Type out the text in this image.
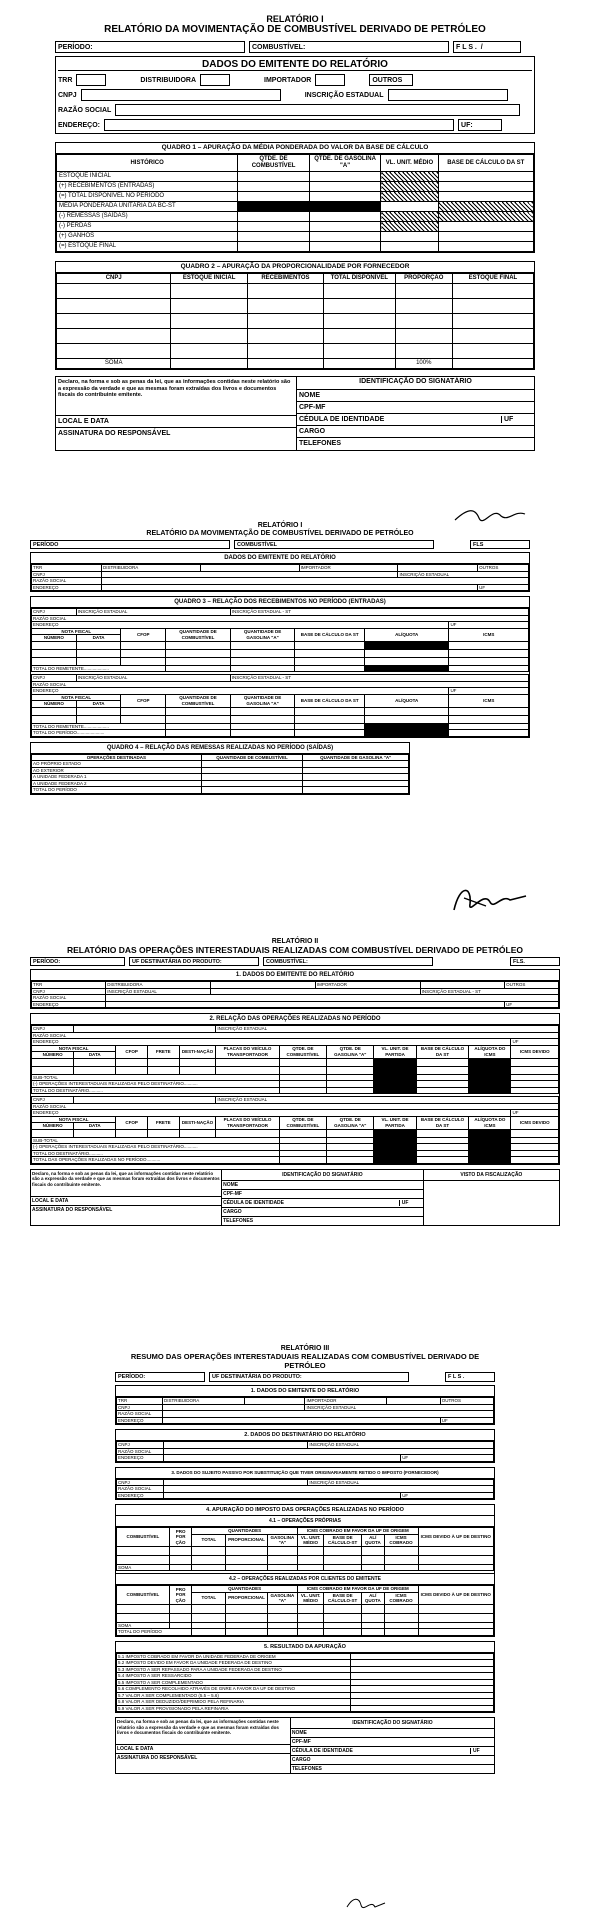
RELATÓRIO I
RELATÓRIO DA MOVIMENTAÇÃO DE COMBUSTÍVEL DERIVADO DE PETRÓLEO
PERÍODO:	COMBUSTÍVEL:	F L S .
/
DADOS DO EMITENTE DO RELATÓRIO
TRR	DISTRIBUIDORA	IMPORTADOR	OUTROS
CNPJ	INSCRIÇÃO ESTADUAL
RAZÃO SOCIAL
ENDEREÇO:	UF:
QUADRO 1 – APURAÇÃO DA MÉDIA PONDERADA DO VALOR DA BASE DE CÁLCULO
HISTÓRICO	QTDE. DE COMBUSTÍVEL	QTDE. DE GASOLINA "A"	VL. UNIT. MÉDIO	BASE DE CÁLCULO DA ST
ESTOQUE INICIAL				
(+) RECEBIMENTOS (ENTRADAS)				
(=) TOTAL DISPONÍVEL NO PERÍODO				
MÉDIA PONDERADA UNITÁRIA DA BC-ST				
(-) REMESSAS (SAÍDAS)				
(-) PERDAS				
(+) GANHOS				
(=) ESTOQUE FINAL				
QUADRO 2 – APURAÇÃO DA PROPORCIONALIDADE POR FORNECEDOR
CNPJ	ESTOQUE INICIAL	RECEBIMENTOS	TOTAL DISPONÍVEL	PROPORÇÃO	ESTOQUE FINAL

SOMA				100%	
Declaro, na forma e sob as penas da lei, que as informações contidas neste relatório são a expressão da verdade e que as mesmas foram extraídas dos livros e documentos fiscais do contribuinte emitente.
LOCAL E DATA
ASSINATURA DO RESPONSÁVEL
IDENTIFICAÇÃO DO SIGNATÁRIO
NOME
CPF-MF
CÉDULA DE IDENTIDADE	UF
CARGO
TELEFONES
RELATÓRIO I
RELATÓRIO DA MOVIMENTAÇÃO DE COMBUSTÍVEL DERIVADO DE PETRÓLEO
PERÍODO	COMBUSTÍVEL	FLS
DADOS DO EMITENTE DO RELATÓRIO
TRR	DISTRIBUIDORA		IMPORTADOR		OUTROS
CNPJ				INSCRIÇÃO ESTADUAL	
RAZÃO SOCIAL					
ENDEREÇO					UF
QUADRO 3 – RELAÇÃO DOS RECEBIMENTOS NO PERÍODO (ENTRADAS)
CNPJ	INSCRIÇÃO ESTADUAL			INSCRIÇÃO ESTADUAL - ST			
RAZÃO SOCIAL							
ENDEREÇO							UF
NOTA FISCAL		CFOP	QUANTIDADE DE COMBUSTÍVEL	QUANTIDADE DE GASOLINA "A"	BASE DE CÁLCULO DA ST	ALÍQUOTA	ICMS
NÚMERO	DATA						

TOTAL DO REMETENTE....................							
CNPJ	INSCRIÇÃO ESTADUAL			INSCRIÇÃO ESTADUAL - ST			
RAZÃO SOCIAL							
ENDEREÇO							UF
NOTA FISCAL		CFOP	QUANTIDADE DE COMBUSTÍVEL	QUANTIDADE DE GASOLINA "A"	BASE DE CÁLCULO DA ST	ALÍQUOTA	ICMS
NÚMERO	DATA						

TOTAL DO REMETENTE....................							
TOTAL DO PERÍODO......................							
QUADRO 4 – RELAÇÃO DAS REMESSAS REALIZADAS NO PERÍODO (SAÍDAS)
OPERAÇÕES DESTINADAS	QUANTIDADE DE COMBUSTÍVEL	QUANTIDADE DE GASOLINA "A"
AO PRÓPRIO ESTADO		
AO EXTERIOR		
A UNIDADE FEDERADA 1		
A UNIDADE FEDERADA 2		
TOTAL DO PERÍODO		
RELATÓRIO II
RELATÓRIO DAS OPERAÇÕES INTERESTADUAIS REALIZADAS COM COMBUSTÍVEL DERIVADO DE PETRÓLEO
PERÍODO:	UF DESTINATÁRIA DO PRODUTO:	COMBUSTÍVEL:	FLS.
1. DADOS DO EMITENTE DO RELATÓRIO
TRR	DISTRIBUIDORA		IMPORTADOR		OUTROS
CNPJ	INSCRIÇÃO ESTADUAL			INSCRIÇÃO ESTADUAL - ST	
RAZÃO SOCIAL					
ENDEREÇO					UF
2. RELAÇÃO DAS OPERAÇÕES REALIZADAS NO PERÍODO
CNPJ					INSCRIÇÃO ESTADUAL						
RAZÃO SOCIAL											
ENDEREÇO											UF
NOTA FISCAL		CFOP	FRETE	DESTI-NAÇÃO	PLACAS DO VEÍCULO TRANSPORTADOR	QTDE. DE COMBUSTÍVEL	QTDE. DE GASOLINA "A"	VL. UNIT. DE PARTIDA	BASE DE CÁLCULO DA ST	ALÍQUOTA DO ICMS	ICMS DEVIDO
NÚMERO	DATA										

SUB-TOTAL											
(-) OPERAÇÕES INTERESTADUAIS REALIZADAS PELO DESTINATÁRIO...........											
TOTAL DO DESTINATÁRIO...........											
CNPJ					INSCRIÇÃO ESTADUAL						
RAZÃO SOCIAL											
ENDEREÇO											UF
NOTA FISCAL		CFOP	FRETE	DESTI-NAÇÃO	PLACAS DO VEÍCULO TRANSPORTADOR	QTDE. DE COMBUSTÍVEL	QTDE. DE GASOLINA "A"	VL. UNIT. DE PARTIDA	BASE DE CÁLCULO DA ST	ALÍQUOTA DO ICMS	ICMS DEVIDO
NÚMERO	DATA										

SUB-TOTAL											
(-) OPERAÇÕES INTERESTADUAIS REALIZADAS PELO DESTINATÁRIO...........											
TOTAL DO DESTINATÁRIO...........											
TOTAL DAS OPERAÇÕES REALIZADAS NO PERÍODO...........											
Declaro, na forma e sob as penas da lei, que as informações contidas neste relatório são a expressão da verdade e que as mesmas foram extraídas dos livros e documentos fiscais do contribuinte emitente.
LOCAL E DATA
ASSINATURA DO RESPONSÁVEL
IDENTIFICAÇÃO DO SIGNATÁRIO
NOME
CPF-MF
CÉDULA DE IDENTIDADE	UF
CARGO
TELEFONES
VISTO DA FISCALIZAÇÃO
RELATÓRIO III
RESUMO DAS OPERAÇÕES INTERESTADUAIS REALIZADAS COM COMBUSTÍVEL DERIVADO DE PETRÓLEO
PERÍODO:	UF DESTINATÁRIA DO PRODUTO:	F L S .
1. DADOS DO EMITENTE DO RELATÓRIO
TRR	DISTRIBUIDORA		IMPORTADOR		OUTROS
CNPJ			INSCRIÇÃO ESTADUAL		
RAZÃO SOCIAL					
ENDEREÇO					UF
2. DADOS DO DESTINATÁRIO DO RELATÓRIO
CNPJ		INSCRIÇÃO ESTADUAL	
RAZÃO SOCIAL			
ENDEREÇO			UF
3. DADOS DO SUJEITO PASSIVO POR SUBSTITUIÇÃO QUE TIVER ORIGINARIAMENTE RETIDO O IMPOSTO (FORNECEDOR)
CNPJ		INSCRIÇÃO ESTADUAL	
RAZÃO SOCIAL			
ENDEREÇO			UF
4. APURAÇÃO DO IMPOSTO DAS OPERAÇÕES REALIZADAS NO PERÍODO
4.1 – OPERAÇÕES PRÓPRIAS
COMBUSTÍVEL	PRO POR ÇÃO	QUANTIDADES			ICMS COBRADO EM FAVOR DA UF DE ORIGEM				ICMS DEVIDO À UF DE DESTINO
		TOTAL	PROPORCIONAL	GASOLINA "A"	VL. UNIT. MÉDIO	BASE DE CÁLCULO-ST	ALÍ QUOTA	ICMS COBRADO	

SOMA									
4.2 – OPERAÇÕES REALIZADAS POR CLIENTES DO EMITENTE
COMBUSTÍVEL	PRO POR ÇÃO	QUANTIDADES			ICMS COBRADO EM FAVOR DA UF DE ORIGEM				ICMS DEVIDO À UF DE DESTINO
		TOTAL	PROPORCIONAL	GASOLINA "A"	VL. UNIT. MÉDIO	BASE DE CÁLCULO-ST	ALÍ QUOTA	ICMS COBRADO	

SOMA									
TOTAL DO PERÍODO									
5. RESULTADO DA APURAÇÃO
5.1 IMPOSTO COBRADO EM FAVOR DA UNIDADE FEDERADA DE ORIGEM	
5.2 IMPOSTO DEVIDO EM FAVOR DA UNIDADE FEDERADA DE DESTINO	
5.3 IMPOSTO A SER REPASSADO PARA A UNIDADE FEDERADA DE DESTINO	
5.4 IMPOSTO A SER RESSARCIDO	
5.5 IMPOSTO A SER COMPLEMENTADO	
5.6 COMPLEMENTO RECOLHIDO ATRAVÉS DE GNRE A FAVOR DA UF DE DESTINO	
5.7 VALOR A SER COMPLEMENTADO (5.5 – 5.6)	
5.8 VALOR A SER DEDUZIDO/DEPRIMIDO PELA REFINARIA	
5.9 VALOR A SER PROVISIONADO PELA REFINARIA	
Declaro, na forma e sob as penas da lei, que as informações contidas neste relatório são a expressão da verdade e que as mesmas foram extraídas dos livros e documentos fiscais do contribuinte emitente.
LOCAL E DATA
ASSINATURA DO RESPONSÁVEL
IDENTIFICAÇÃO DO SIGNATÁRIO
NOME
CPF-MF
CÉDULA DE IDENTIDADE	UF
CARGO
TELEFONES
